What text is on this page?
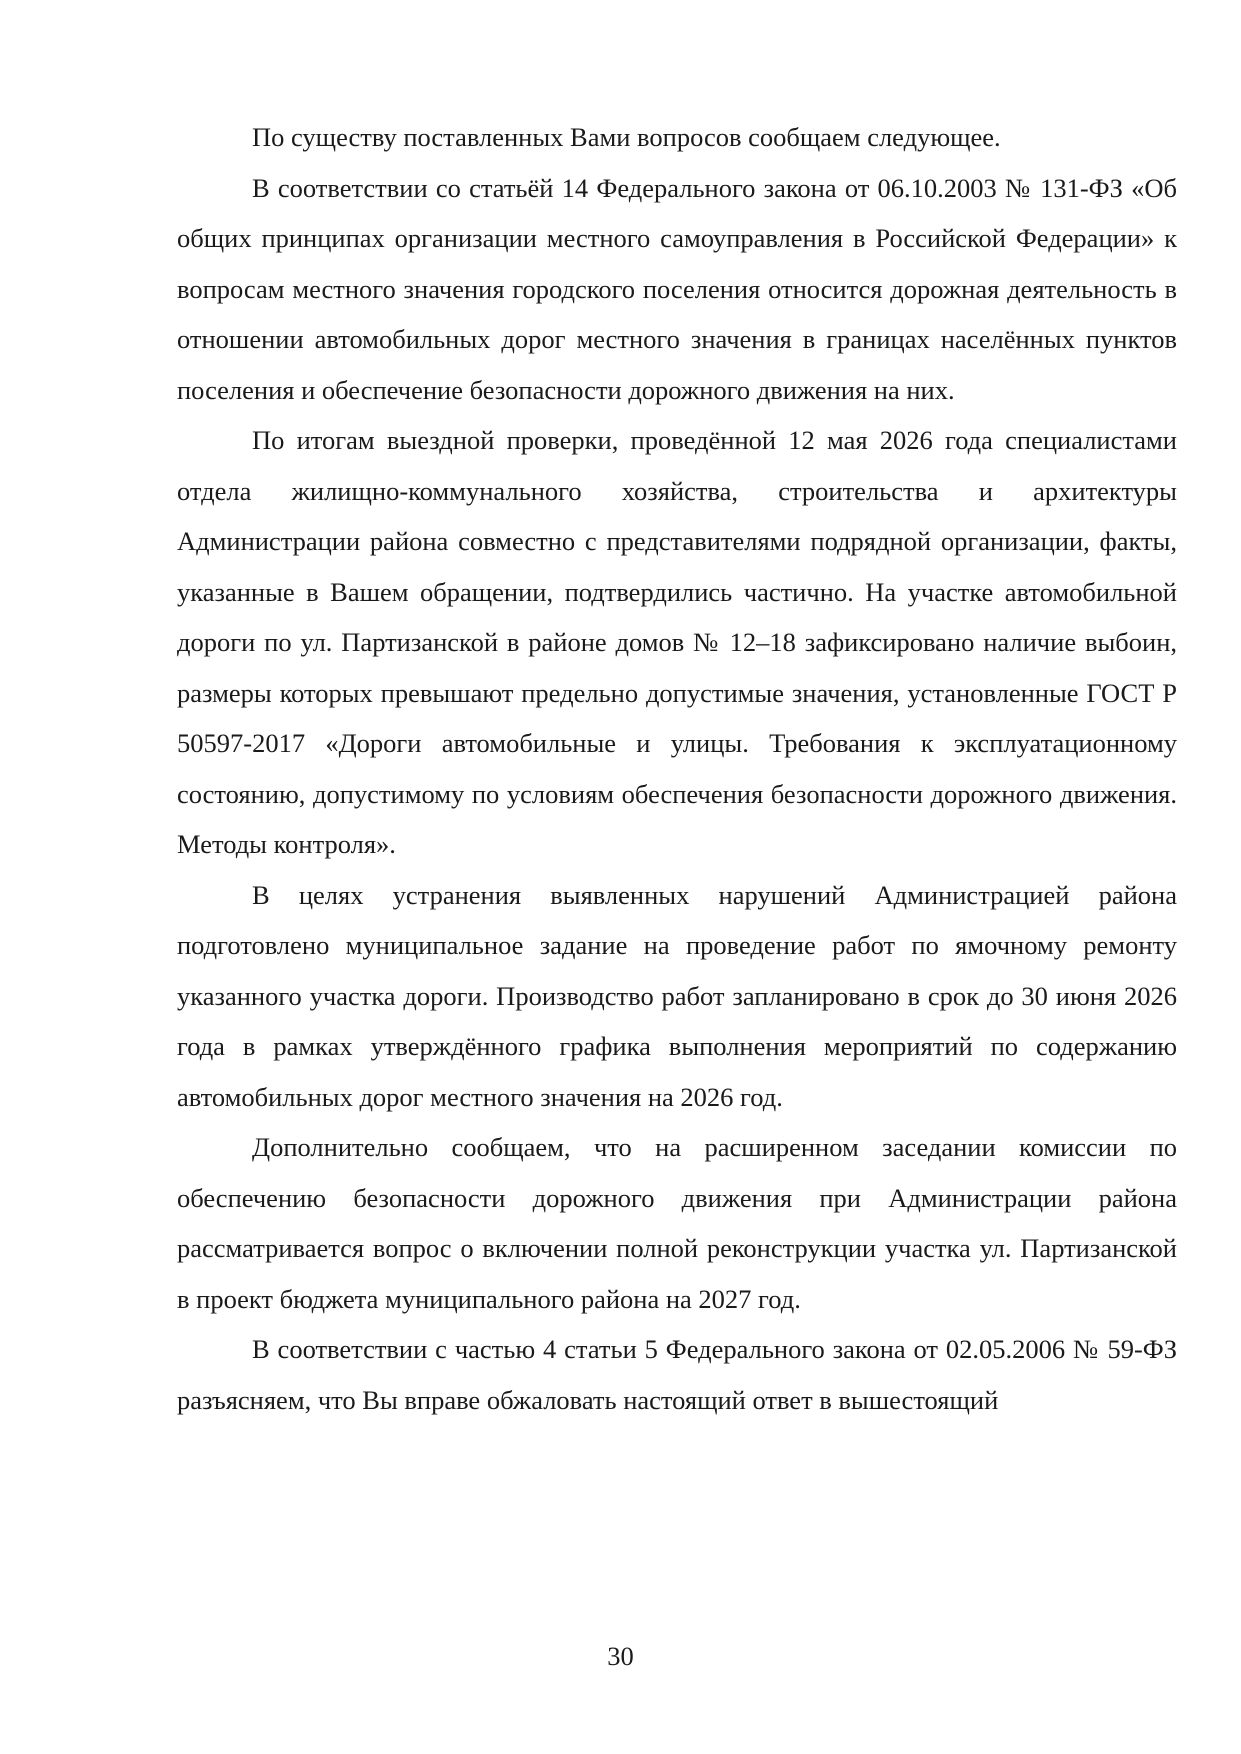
По существу поставленных Вами вопросов сообщаем следующее.

В соответствии со статьёй 14 Федерального закона от 06.10.2003 № 131-ФЗ «Об общих принципах организации местного самоуправления в Российской Федерации» к вопросам местного значения городского поселения относится дорожная деятельность в отношении автомобильных дорог местного значения в границах населённых пунктов поселения и обеспечение безопасности дорожного движения на них.

По итогам выездной проверки, проведённой 12 мая 2026 года специалистами отдела жилищно-коммунального хозяйства, строительства и архитектуры Администрации района совместно с представителями подрядной организации, факты, указанные в Вашем обращении, подтвердились частично. На участке автомобильной дороги по ул. Партизанской в районе домов № 12–18 зафиксировано наличие выбоин, размеры которых превышают предельно допустимые значения, установленные ГОСТ Р 50597-2017 «Дороги автомобильные и улицы. Требования к эксплуатационному состоянию, допустимому по условиям обеспечения безопасности дорожного движения. Методы контроля».

В целях устранения выявленных нарушений Администрацией района подготовлено муниципальное задание на проведение работ по ямочному ремонту указанного участка дороги. Производство работ запланировано в срок до 30 июня 2026 года в рамках утверждённого графика выполнения мероприятий по содержанию автомобильных дорог местного значения на 2026 год.

Дополнительно сообщаем, что на расширенном заседании комиссии по обеспечению безопасности дорожного движения при Администрации района рассматривается вопрос о включении полной реконструкции участка ул. Партизанской в проект бюджета муниципального района на 2027 год.

В соответствии с частью 4 статьи 5 Федерального закона от 02.05.2006 № 59-ФЗ разъясняем, что Вы вправе обжаловать настоящий ответ в вышестоящий

30
